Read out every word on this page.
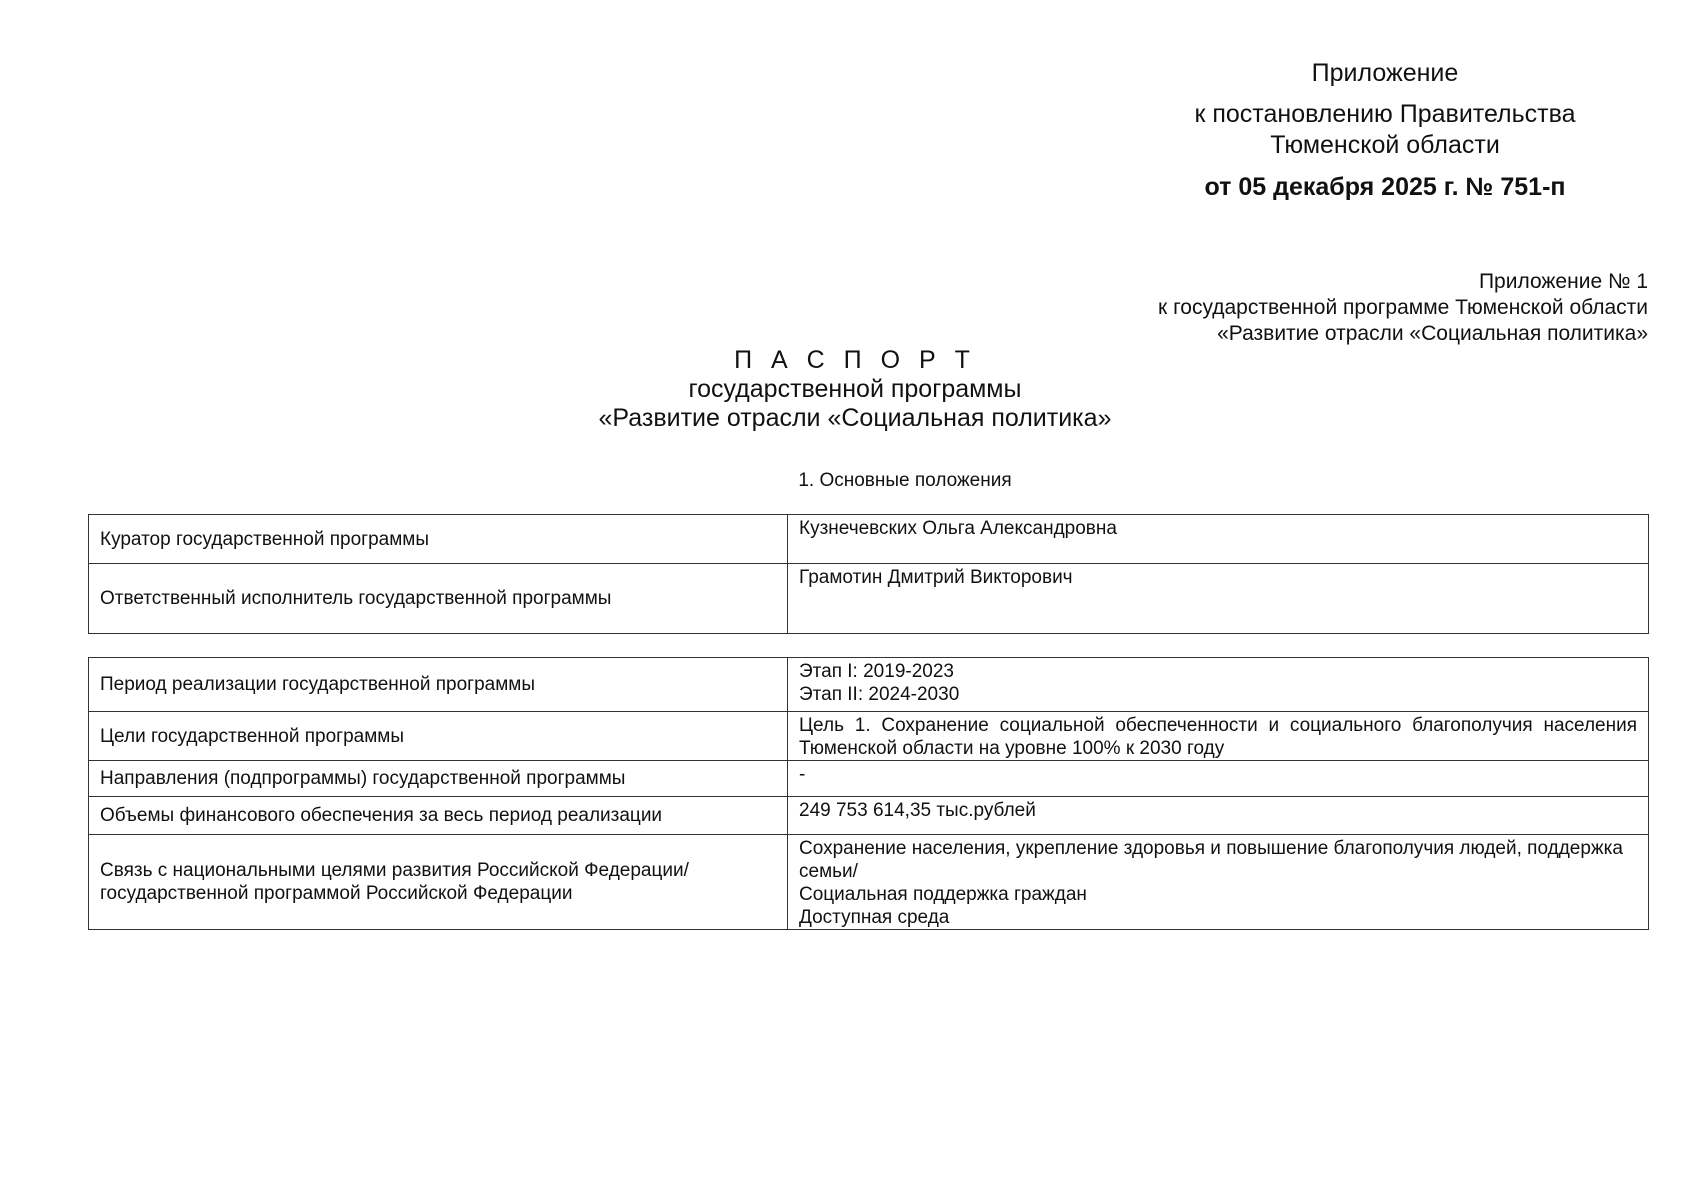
Приложение
к постановлению Правительства
Тюменской области
от 05 декабря 2025 г. № 751-п
Приложение № 1
к государственной программе Тюменской области
«Развитие отрасли «Социальная политика»
П А С П О Р Т
государственной программы
«Развитие отрасли «Социальная политика»
1. Основные положения
Куратор государственной программы	Кузнечевских Ольга Александровна
Ответственный исполнитель государственной программы	Грамотин Дмитрий Викторович
Период реализации государственной программы	Этап I: 2019-2023
Этап II: 2024-2030

Цели государственной программы	Цель 1. Сохранение социальной обеспеченности и социального благополучия населения Тюменской области на уровне 100% к 2030 году
Направления (подпрограммы) государственной программы	-
Объемы финансового обеспечения за весь период реализации	249 753 614,35 тыс.рублей

Связь с национальными целями развития Российской Федерации/
государственной программой Российской Федерации	Сохранение населения, укрепление здоровья и повышение благополучия людей, поддержка семьи/
Социальная поддержка граждан
Доступная среда
